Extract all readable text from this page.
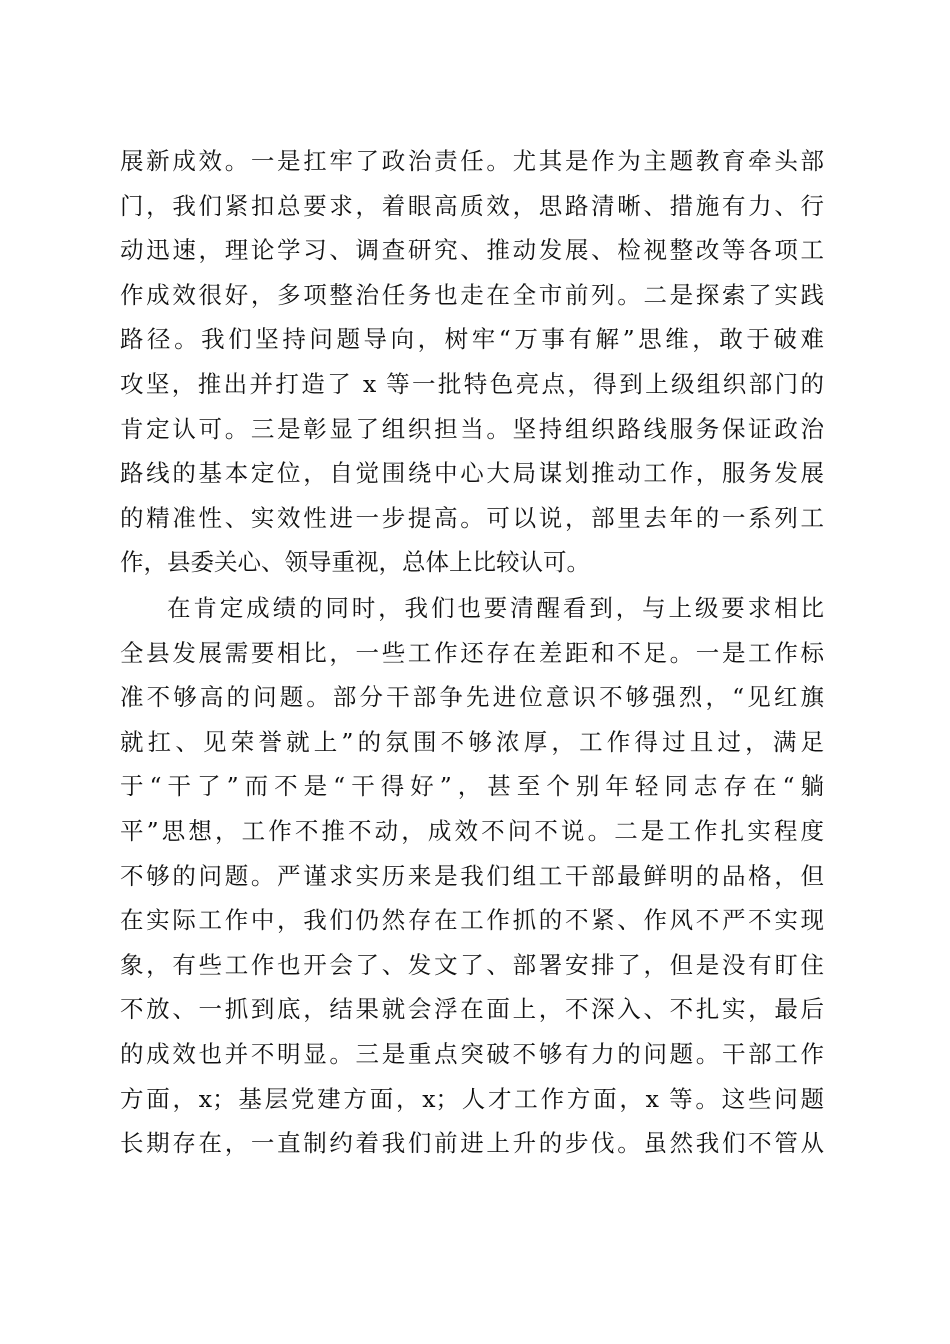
展新成效。一是扛牢了政治责任。尤其是作为主题教育牵头部
门，我们紧扣总要求，着眼高质效，思路清晰、措施有力、行
动迅速，理论学习、调查研究、推动发展、检视整改等各项工
作成效很好，多项整治任务也走在全市前列。二是探索了实践
路径。我们坚持问题导向，树牢“万事有解”思维，敢于破难
攻坚，推出并打造了 x 等一批特色亮点，得到上级组织部门的
肯定认可。三是彰显了组织担当。坚持组织路线服务保证政治
路线的基本定位，自觉围绕中心大局谋划推动工作，服务发展
的精准性、实效性进一步提高。可以说，部里去年的一系列工
作，县委关心、领导重视，总体上比较认可。
在肯定成绩的同时，我们也要清醒看到，与上级要求相比
全县发展需要相比，一些工作还存在差距和不足。一是工作标
准不够高的问题。部分干部争先进位意识不够强烈，“见红旗
就扛、见荣誉就上”的氛围不够浓厚，工作得过且过，满足
于“干了”而不是“干得好”，甚至个别年轻同志存在“躺
平”思想，工作不推不动，成效不问不说。二是工作扎实程度
不够的问题。严谨求实历来是我们组工干部最鲜明的品格，但
在实际工作中，我们仍然存在工作抓的不紧、作风不严不实现
象，有些工作也开会了、发文了、部署安排了，但是没有盯住
不放、一抓到底，结果就会浮在面上，不深入、不扎实，最后
的成效也并不明显。三是重点突破不够有力的问题。干部工作
方面，x；基层党建方面，x；人才工作方面，x 等。这些问题
长期存在，一直制约着我们前进上升的步伐。虽然我们不管从
